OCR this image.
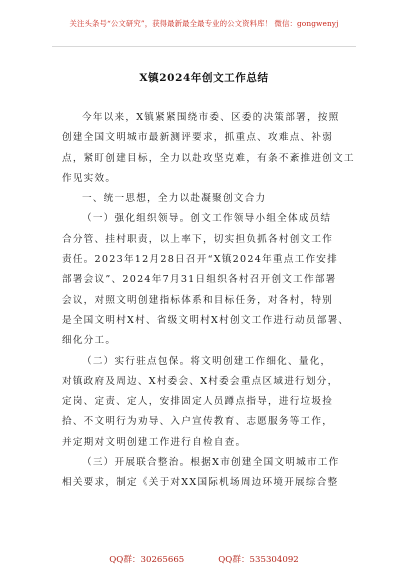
关注头条号“公文研究”，获得最新最全最专业的公文资料库！ 微信：gongwenyj
X镇2024年创文工作总结
今年以来，X镇紧紧围绕市委、区委的决策部署，按照
创建全国文明城市最新测评要求，抓重点、攻难点、补弱
点，紧盯创建目标，全力以赴攻坚克难，有条不紊推进创文工
作见实效。
一、统一思想，全力以赴凝聚创文合力
（一）强化组织领导。创文工作领导小组全体成员结
合分管、挂村职责，以上率下，切实担负抓各村创文工作
责任。2023年12月28日召开“X镇2024年重点工作安排
部署会议”、2024年7月31日组织各村召开创文工作部署
会议，对照文明创建指标体系和目标任务，对各村，特别
是全国文明村X村、省级文明村X村创文工作进行动员部署、
细化分工。
（二）实行驻点包保。将文明创建工作细化、量化，
对镇政府及周边、X村委会、X村委会重点区域进行划分，
定岗、定责、定人，安排固定人员蹲点指导，进行垃圾捡
拾、不文明行为劝导、入户宣传教育、志愿服务等工作，
并定期对文明创建工作进行自检自查。
（三）开展联合整治。根据X市创建全国文明城市工作
相关要求，制定《关于对XX国际机场周边环境开展综合整
QQ群：30265665	QQ群：535304092
